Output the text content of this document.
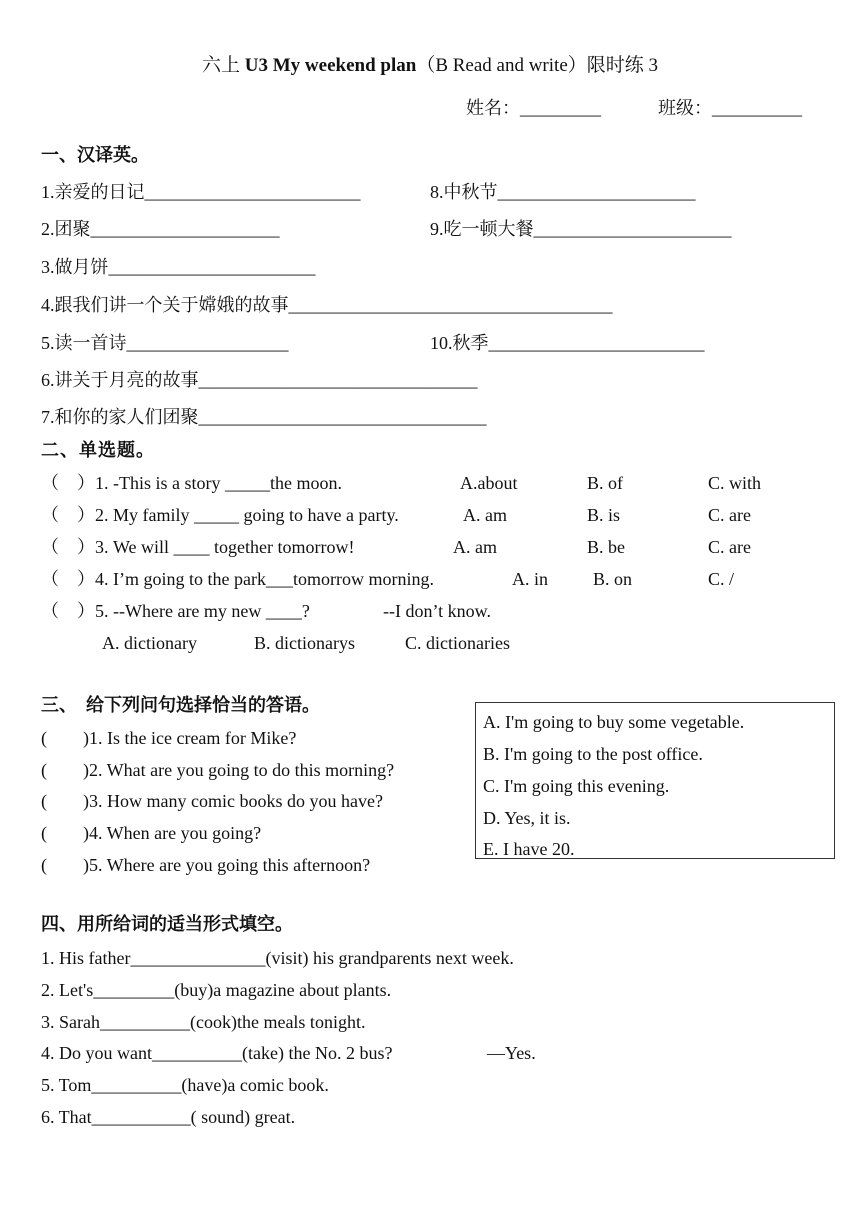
六上 U3 My weekend plan（B Read and write）限时练 3
姓名：_________	班级：__________
一、汉译英。
1.亲爱的日记________________________	8.中秋节______________________
2.团聚_____________________	9.吃一顿大餐______________________
3.做月饼_______________________
4.跟我们讲一个关于嫦娥的故事____________________________________
5.读一首诗__________________	10.秋季________________________
6.讲关于月亮的故事_______________________________
7.和你的家人们团聚________________________________
二、单选题。
（    ）1. -This is a story _____the moon.	A.about	B. of	C. with
（    ）2. My family _____ going to have a party.	A. am	B. is	C. are
（    ）3. We will ____ together tomorrow!	A. am	B. be	C. are
（    ）4. I’m going to the park___tomorrow morning.	A. in	B. on	C. /
（    ）5. --Where are my new ____?	--I don’t know.
A. dictionary	B. dictionarys	C. dictionaries
三、  给下列问句选择恰当的答语。
(        )1. Is the ice cream for Mike?
(        )2. What are you going to do this morning?
(        )3. How many comic books do you have?
(        )4. When are you going?
(        )5. Where are you going this afternoon?
A. I'm going to buy some vegetable.
B. I'm going to the post office.
C. I'm going this evening.
D. Yes, it is.
E. I have 20.
四、用所给词的适当形式填空。
1. His father_______________(visit) his grandparents next week.
2. Let's_________(buy)a magazine about plants.
3. Sarah__________(cook)the meals tonight.
4. Do you want__________(take) the No. 2 bus?	—Yes.
5. Tom__________(have)a comic book.
6. That___________( sound) great.
